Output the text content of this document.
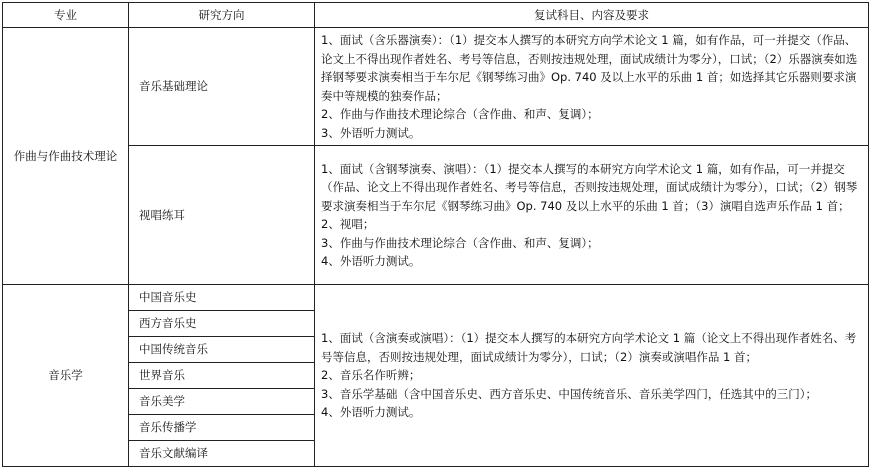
专业	研究方向	复试科目、内容及要求
作曲与作曲技术理论	音乐基础理论	1、面试（含乐器演奏）：（1）提交本人撰写的本研究方向学术论文 1 篇，如有作品，可一并提交（作品、论文上不得出现作者姓名、考号等信息，否则按违规处理，面试成绩计为零分），口试；（2）乐器演奏如选择钢琴要求演奏相当于车尔尼《钢琴练习曲》Op. 740 及以上水平的乐曲 1 首；如选择其它乐器则要求演奏中等规模的独奏作品；

2、作曲与作曲技术理论综合（含作曲、和声、复调）；

3、外语听力测试。

	视唱练耳	1、面试（含钢琴演奏、演唱）：（1）提交本人撰写的本研究方向学术论文 1 篇，如有作品，可一并提交（作品、论文上不得出现作者姓名、考号等信息，否则按违规处理，面试成绩计为零分），口试；（2）钢琴要求演奏相当于车尔尼《钢琴练习曲》Op. 740 及以上水平的乐曲 1 首；（3）演唱自选声乐作品 1 首；

2、视唱；

3、作曲与作曲技术理论综合（含作曲、和声、复调）；

4、外语听力测试。

音乐学	中国音乐史	1、面试（含演奏或演唱）：（1）提交本人撰写的本研究方向学术论文 1 篇（论文上不得出现作者姓名、考号等信息，否则按违规处理，面试成绩计为零分），口试；（2）演奏或演唱作品 1 首；

2、音乐名作听辨；

3、音乐学基础（含中国音乐史、西方音乐史、中国传统音乐、音乐美学四门，任选其中的三门）；

4、外语听力测试。

	西方音乐史	
	中国传统音乐	
	世界音乐	
	音乐美学	
	音乐传播学	
	音乐文献编译	
